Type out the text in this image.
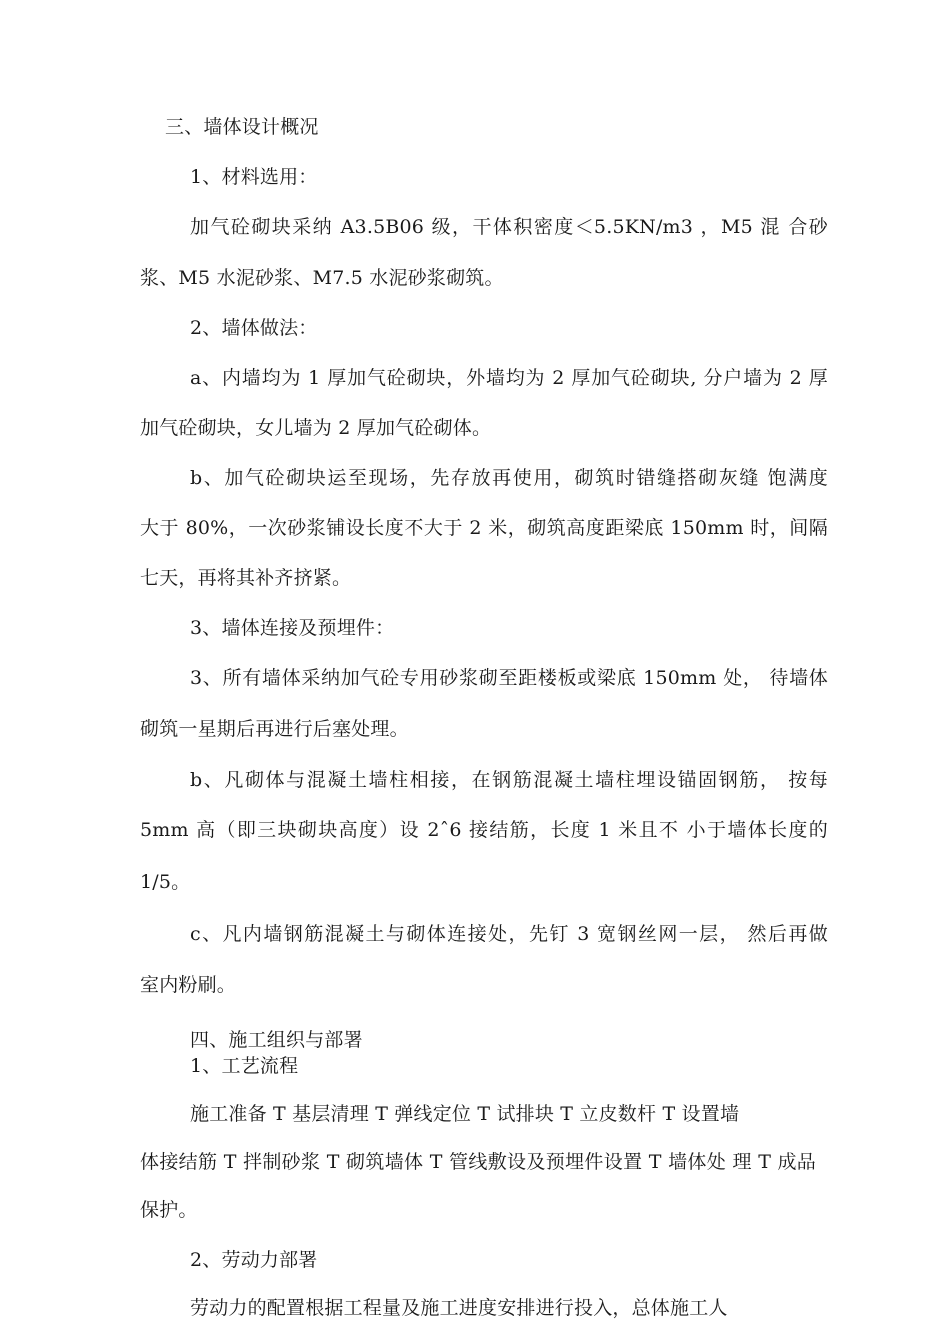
三、墙体设计概况
1、材料选用：
加气砼砌块采纳 A3.5B06 级，干体积密度＜5.5KN/m3 ，M5 混 合砂
浆、M5 水泥砂浆、M7.5 水泥砂浆砌筑。
2、墙体做法：
a、内墙均为 1 厚加气砼砌块，外墙均为 2 厚加气砼砌块, 分户墙为 2 厚
加气砼砌块，女儿墙为 2 厚加气砼砌体。
b、加气砼砌块运至现场，先存放再使用，砌筑时错缝搭砌灰缝 饱满度
大于 80%，一次砂浆铺设长度不大于 2 米，砌筑高度距梁底 150mm 时，间隔
七天，再将其补齐挤紧。
3、墙体连接及预埋件：
3、所有墙体采纳加气砼专用砂浆砌至距楼板或梁底 150mm 处， 待墙体
砌筑一星期后再进行后塞处理。
b、凡砌体与混凝土墙柱相接，在钢筋混凝土墙柱埋设锚固钢筋， 按每
5mm 高（即三块砌块高度）设 2ˆ6 接结筋，长度 1 米且不 小于墙体长度的
1/5。
c、凡内墙钢筋混凝土与砌体连接处，先钉 3 宽钢丝网一层， 然后再做
室内粉刷。
四、施工组织与部署
1、工艺流程
施工准备 T 基层清理 T 弹线定位 T 试排块 T 立皮数杆 T 设置墙
体接结筋 T 拌制砂浆 T 砌筑墙体 T 管线敷设及预埋件设置 T 墙体处 理 T 成品
保护。
2、劳动力部署
劳动力的配置根据工程量及施工进度安排进行投入，总体施工人
